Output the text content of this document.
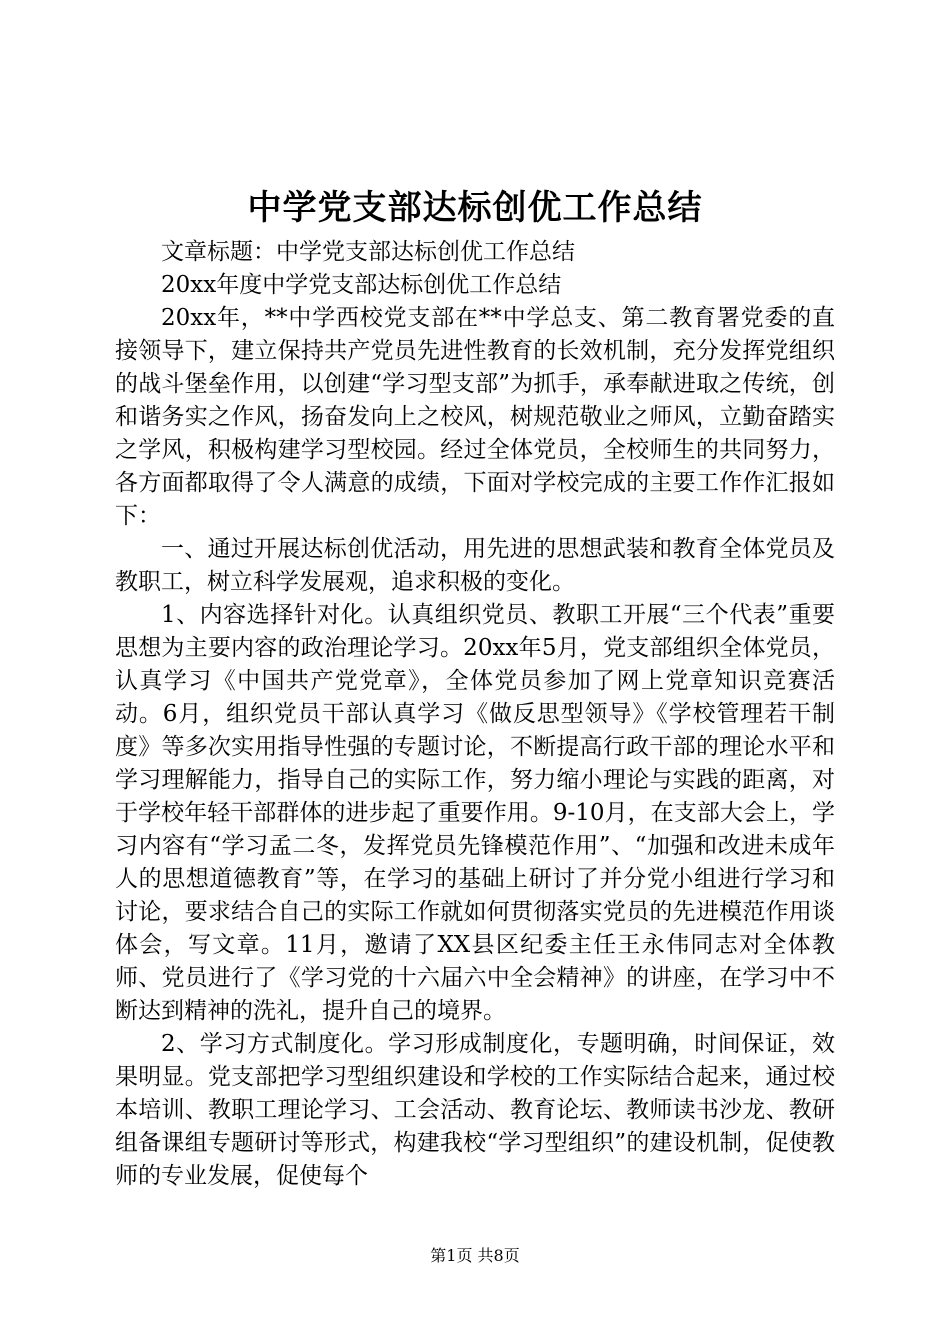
中学党支部达标创优工作总结

文章标题：中学党支部达标创优工作总结

20xx年度中学党支部达标创优工作总结

20xx年，**中学西校党支部在**中学总支、第二教育署党委的直接领导下，建立保持共产党员先进性教育的长效机制，充分发挥党组织的战斗堡垒作用，以创建“学习型支部”为抓手，承奉献进取之传统，创和谐务实之作风，扬奋发向上之校风，树规范敬业之师风，立勤奋踏实之学风，积极构建学习型校园。经过全体党员，全校师生的共同努力，各方面都取得了令人满意的成绩，下面对学校完成的主要工作作汇报如下：

一、通过开展达标创优活动，用先进的思想武装和教育全体党员及教职工，树立科学发展观，追求积极的变化。

1、内容选择针对化。认真组织党员、教职工开展“三个代表”重要思想为主要内容的政治理论学习。20xx年5月，党支部组织全体党员，认真学习《中国共产党党章》，全体党员参加了网上党章知识竞赛活动。6月，组织党员干部认真学习《做反思型领导》《学校管理若干制度》等多次实用指导性强的专题讨论，不断提高行政干部的理论水平和学习理解能力，指导自己的实际工作，努力缩小理论与实践的距离，对于学校年轻干部群体的进步起了重要作用。9-10月，在支部大会上，学习内容有“学习孟二冬，发挥党员先锋模范作用”、“加强和改进未成年人的思想道德教育”等，在学习的基础上研讨了并分党小组进行学习和讨论，要求结合自己的实际工作就如何贯彻落实党员的先进模范作用谈体会，写文章。11月，邀请了XX县区纪委主任王永伟同志对全体教师、党员进行了《学习党的十六届六中全会精神》的讲座，在学习中不断达到精神的洗礼，提升自己的境界。

2、学习方式制度化。学习形成制度化，专题明确，时间保证，效果明显。党支部把学习型组织建设和学校的工作实际结合起来，通过校本培训、教职工理论学习、工会活动、教育论坛、教师读书沙龙、教研组备课组专题研讨等形式，构建我校“学习型组织”的建设机制，促使教师的专业发展，促使每个

第1页 共8页
